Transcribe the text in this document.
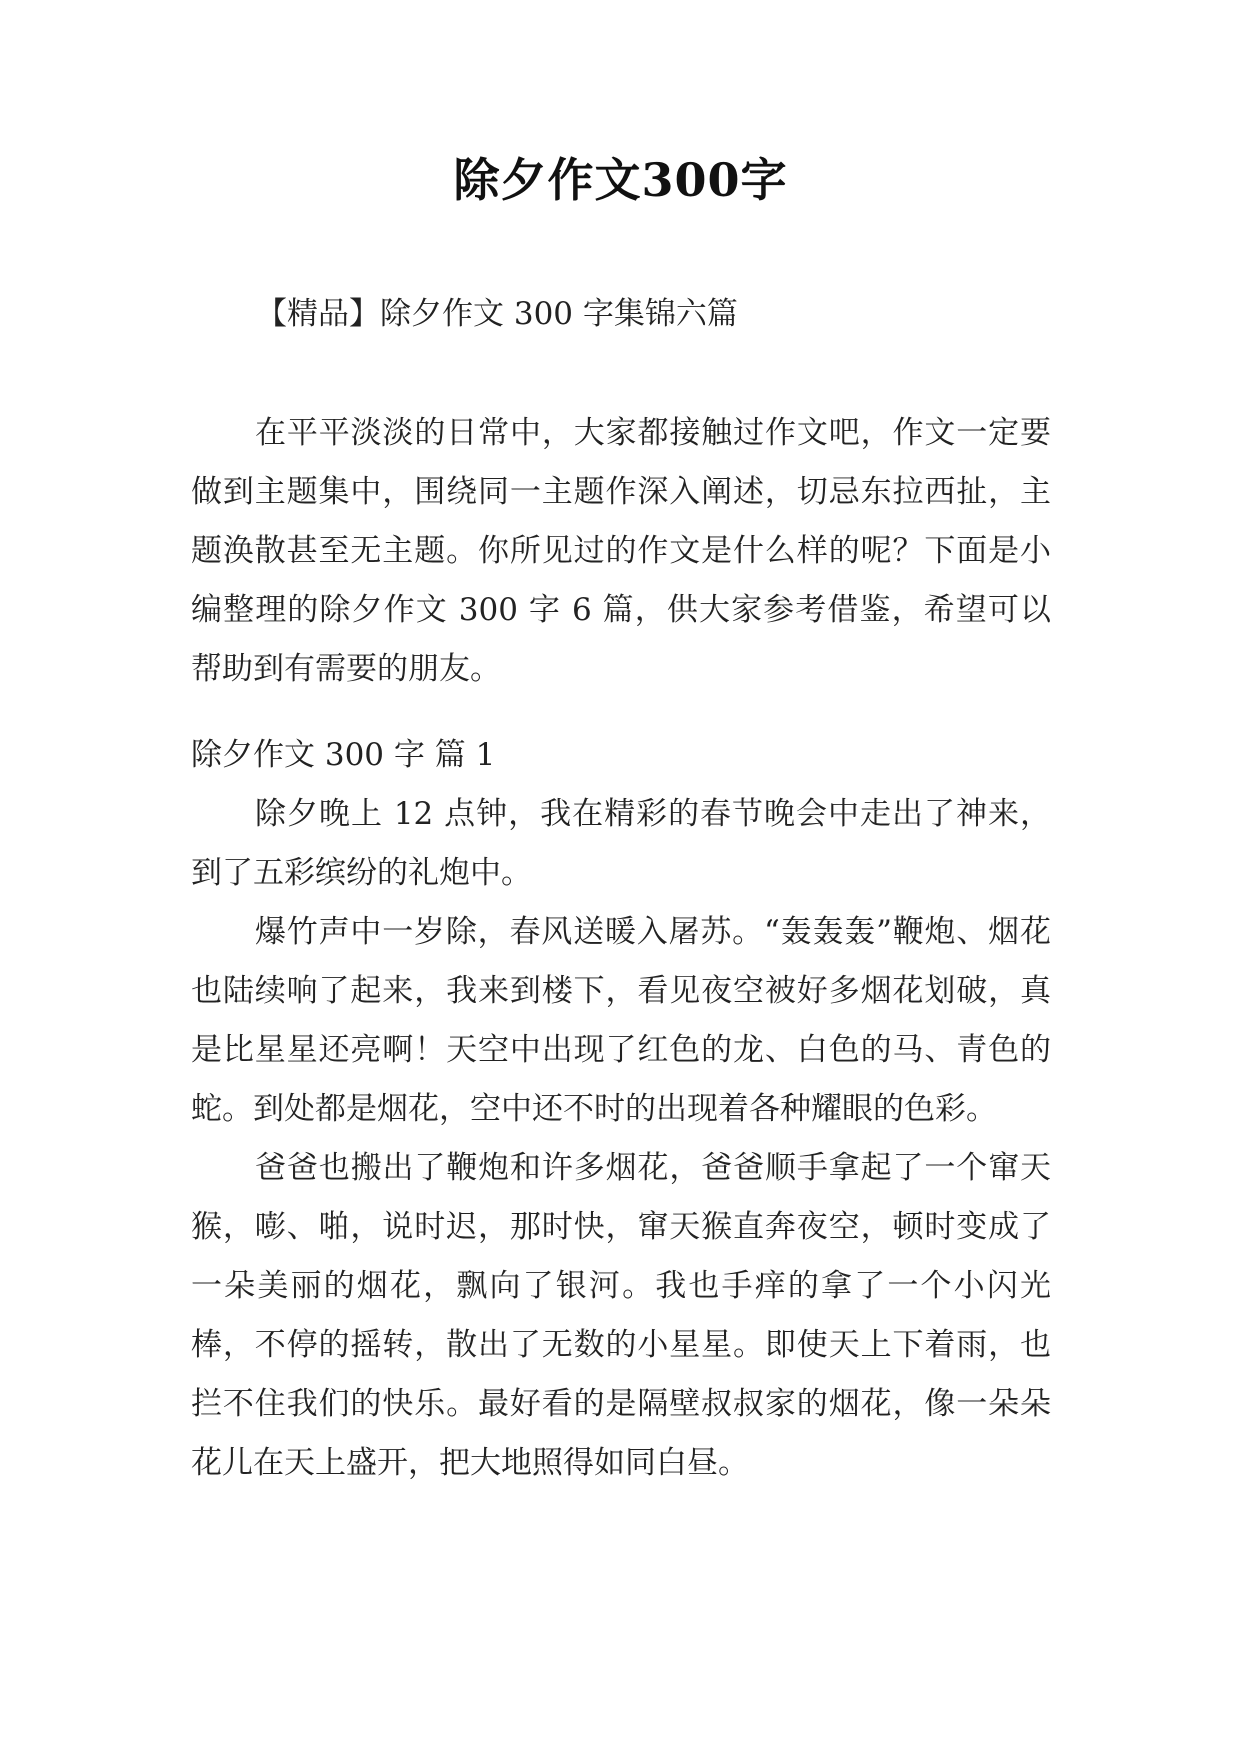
除夕作文300字
【精品】除夕作文 300 字集锦六篇

在平平淡淡的日常中，大家都接触过作文吧，作文一定要做到主题集中，围绕同一主题作深入阐述，切忌东拉西扯，主题涣散甚至无主题。你所见过的作文是什么样的呢？下面是小编整理的除夕作文 300 字 6 篇，供大家参考借鉴，希望可以帮助到有需要的朋友。

除夕作文 300 字 篇 1

除夕晚上 12 点钟，我在精彩的春节晚会中走出了神来，到了五彩缤纷的礼炮中。

爆竹声中一岁除，春风送暖入屠苏。“轰轰轰”鞭炮、烟花也陆续响了起来，我来到楼下，看见夜空被好多烟花划破，真是比星星还亮啊！天空中出现了红色的龙、白色的马、青色的蛇。到处都是烟花，空中还不时的出现着各种耀眼的色彩。

爸爸也搬出了鞭炮和许多烟花，爸爸顺手拿起了一个窜天猴，嘭、啪，说时迟，那时快，窜天猴直奔夜空，顿时变成了一朵美丽的烟花，飘向了银河。我也手痒的拿了一个小闪光棒，不停的摇转，散出了无数的小星星。即使天上下着雨，也拦不住我们的快乐。最好看的是隔壁叔叔家的烟花，像一朵朵花儿在天上盛开，把大地照得如同白昼。
